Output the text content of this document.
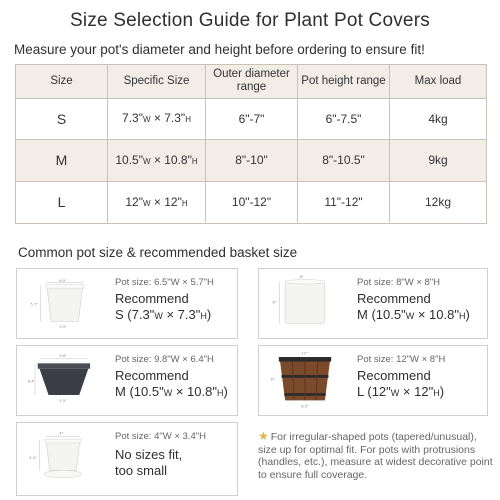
Size Selection Guide for Plant Pot Covers
Measure your pot's diameter and height before ordering to ensure fit!
Size	Specific Size	Outer diameter range	Pot height range	Max load
S	7.3"W × 7.3"H	6"-7"	6"-7.5"	4kg
M	10.5"W × 10.8"H	8"-10"	8"-10.5"	9kg
L	12"W × 12"H	10"-12"	11"-12"	12kg
Common pot size & recommended basket size
6.5"
5.7"
3.9"
Pot size: 6.5"W × 5.7"H
Recommend
S (7.3"W × 7.3"H)
8"
8"
Pot size: 8"W × 8"H
Recommend
M (10.5"W × 10.8"H)
9.8"
6.4"
5.5"
Pot size: 9.8"W × 6.4"H
Recommend
M (10.5"W × 10.8"H)
12"
8"
8.5"
Pot size: 12"W × 8"H
Recommend
L (12"W × 12"H)
4"
3.4"
Pot size: 4"W × 3.4"H
No sizes fit,
too small
★ For irregular-shaped pots (tapered/unusual), size up for optimal fit. For pots with protrusions (handles, etc.), measure at widest decorative point to ensure full coverage.
